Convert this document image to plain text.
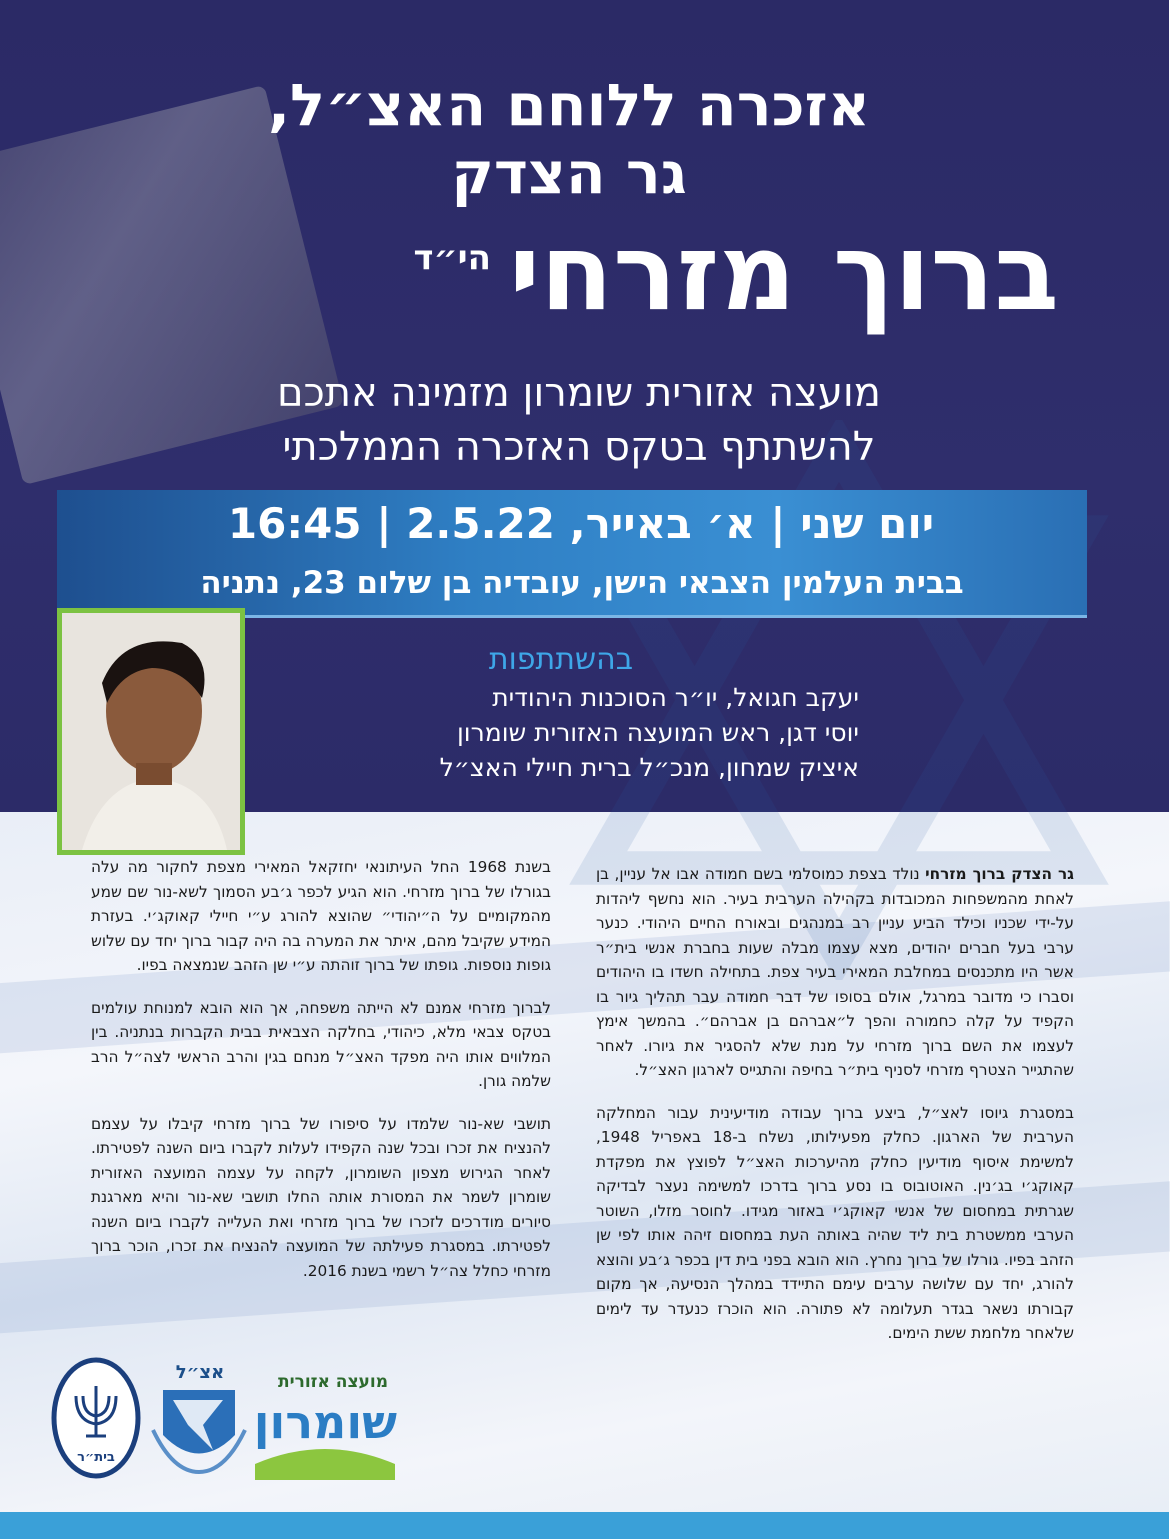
אזכרה ללוחם האצ״ל,
גר הצדק
ברוך מזרחי
הי״ד
מועצה אזורית שומרון מזמינה אתכם
להשתתף בטקס האזכרה הממלכתי
יום שני | א׳ באייר, 2.5.22 | 16:45
בבית העלמין הצבאי הישן, עובדיה בן שלום 23, נתניה
בהשתתפות
יעקב חגואל, יו״ר הסוכנות היהודית
יוסי דגן, ראש המועצה האזורית שומרון
איציק שמחון, מנכ״ל ברית חיילי האצ״ל

גר הצדק ברוך מזרחי נולד בצפת כמוסלמי בשם חמודה אבו אל עניין, בן לאחת מהמשפחות המכובדות בקהילה הערבית בעיר. הוא נחשף ליהדות על-ידי שכניו וכילד הביע עניין רב במנהגים ובאורח החיים היהודי. כנער ערבי בעל חברים יהודים, מצא עצמו מבלה שעות בחברת אנשי בית״ר אשר היו מתכנסים במחלבת המאירי בעיר צפת. בתחילה חשדו בו היהודים וסברו כי מדובר במרגל, אולם בסופו של דבר חמודה עבר תהליך גיור בו הקפיד על קלה כחמורה והפך ל״אברהם בן אברהם״. בהמשך אימץ לעצמו את השם ברוך מזרחי על מנת שלא להסגיר את גיורו. לאחר שהתגייר הצטרף מזרחי לסניף בית״ר בחיפה והתגייס לארגון האצ״ל.

במסגרת גיוסו לאצ״ל, ביצע ברוך עבודה מודיעינית עבור המחלקה הערבית של הארגון. כחלק מפעילותו, נשלח ב-18 באפריל 1948, למשימת איסוף מודיעין כחלק מהיערכות האצ״ל לפוצץ את מפקדת קאוקג׳י בג׳נין. האוטובוס בו נסע ברוך בדרכו למשימה נעצר לבדיקה שגרתית במחסום של אנשי קאוקג׳י באזור מגידו. לחוסר מזלו, השוטר הערבי ממשטרת בית ליד שהיה באותה העת במחסום זיהה אותו לפי שן הזהב בפיו. גורלו של ברוך נחרץ. הוא הובא בפני בית דין בכפר ג׳בע והוצא להורג, יחד עם שלושה ערבים עימם התיידד במהלך הנסיעה, אך מקום קבורתו נשאר בגדר תעלומה לא פתורה. הוא הוכרז כנעדר עד לימים שלאחר מלחמת ששת הימים.

בשנת 1968 החל העיתונאי יחזקאל המאירי מצפת לחקור מה עלה בגורלו של ברוך מזרחי. הוא הגיע לכפר ג׳בע הסמוך לשא-נור שם שמע מהמקומיים על ה״יהודי״ שהוצא להורג ע״י חיילי קאוקג׳י. בעזרת המידע שקיבל מהם, איתר את המערה בה היה קבור ברוך יחד עם שלוש גופות נוספות. גופתו של ברוך זוהתה ע״י שן הזהב שנמצאה בפיו.

לברוך מזרחי אמנם לא הייתה משפחה, אך הוא הובא למנוחת עולמים בטקס צבאי מלא, כיהודי, בחלקה הצבאית בבית הקברות בנתניה. בין המלווים אותו היה מפקד האצ״ל מנחם בגין והרב הראשי לצה״ל הרב שלמה גורן.

תושבי שא-נור שלמדו על סיפורו של ברוך מזרחי קיבלו על עצמם להנציח את זכרו ובכל שנה הקפידו לעלות לקברו ביום השנה לפטירתו. לאחר הגירוש מצפון השומרון, לקחה על עצמה המועצה האזורית שומרון לשמר את המסורת אותה החלו תושבי שא-נור והיא מארגנת סיורים מודרכים לזכרו של ברוך מזרחי ואת העלייה לקברו ביום השנה לפטירתו. במסגרת פעילתה של המועצה להנציח את זכרו, הוכר ברוך מזרחי כחלל צה״ל רשמי בשנת 2016.

בית״ר
אצ״ל	מועצה אזורית
שומרון
